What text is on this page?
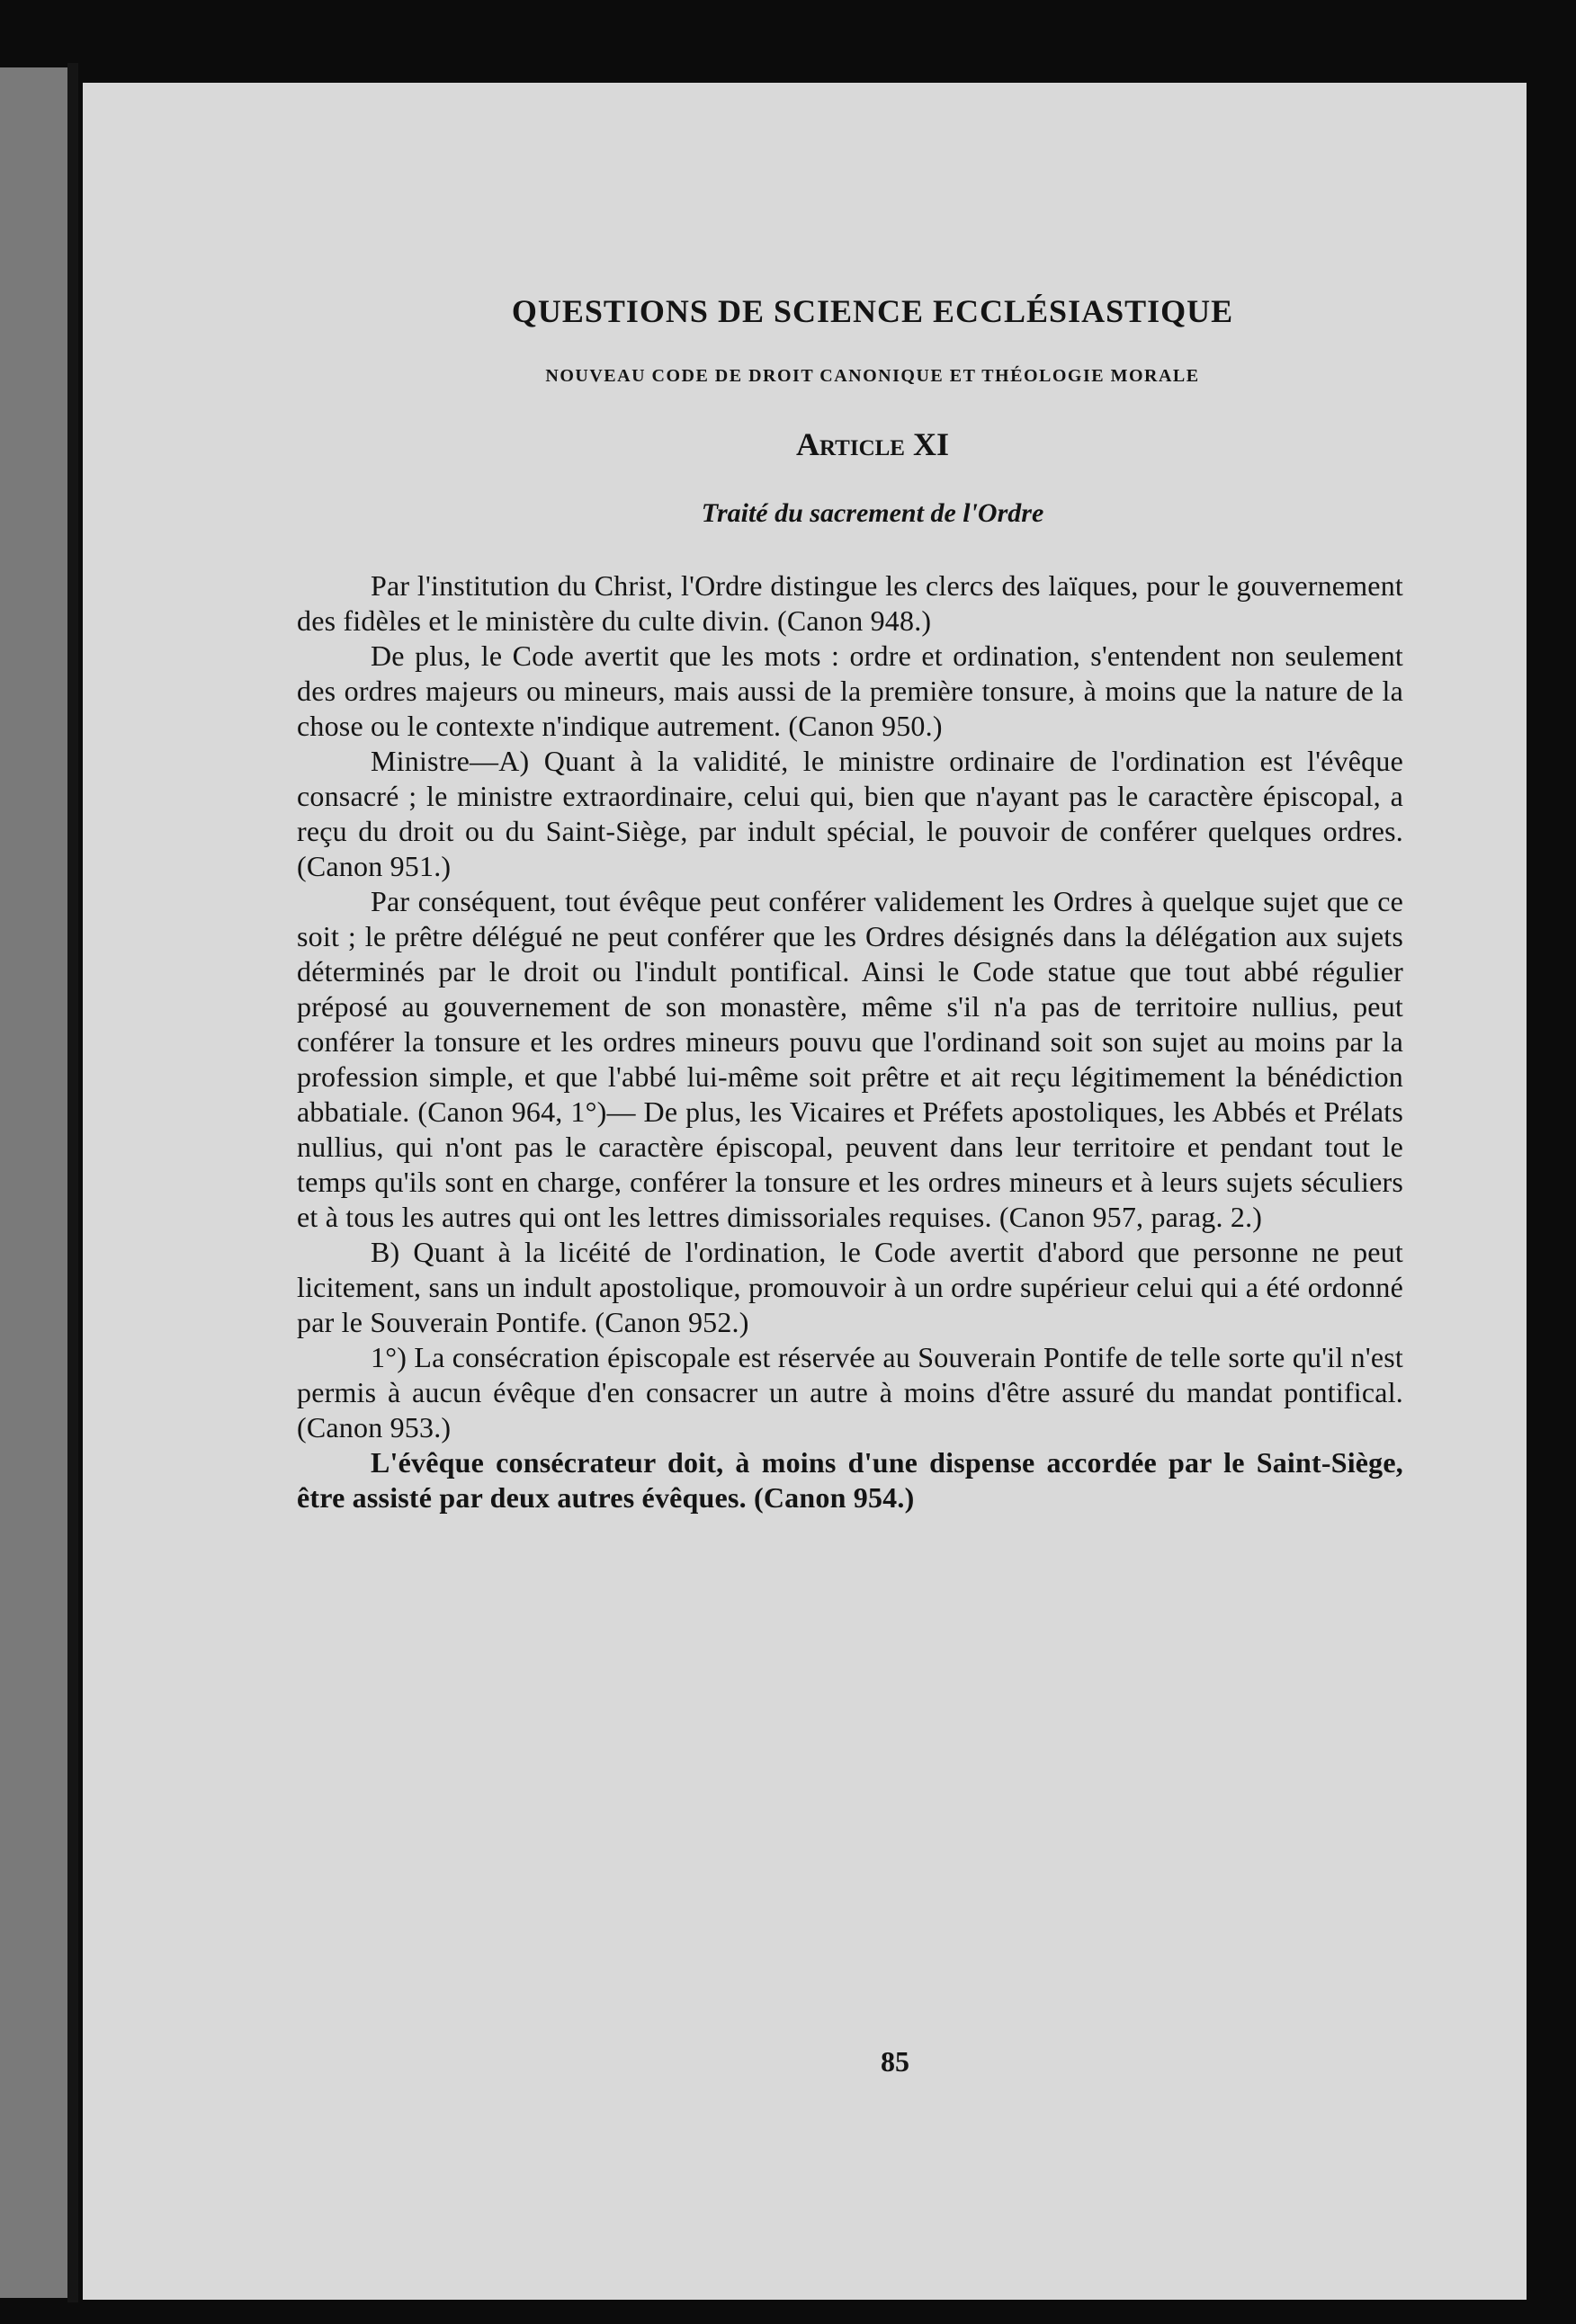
QUESTIONS DE SCIENCE ECCLÉSIASTIQUE
NOUVEAU CODE DE DROIT CANONIQUE ET THÉOLOGIE MORALE
Article XI

Traité du sacrement de l'Ordre

Par l'institution du Christ, l'Ordre distingue les clercs des laïques, pour le gouvernement des fidèles et le ministère du culte divin. (Canon 948.)

De plus, le Code avertit que les mots : ordre et ordination, s'entendent non seulement des ordres majeurs ou mineurs, mais aussi de la première tonsure, à moins que la nature de la chose ou le contexte n'indique autrement. (Canon 950.)

Ministre—A) Quant à la validité, le ministre ordinaire de l'ordination est l'évêque consacré ; le ministre extraordinaire, celui qui, bien que n'ayant pas le caractère épiscopal, a reçu du droit ou du Saint-Siège, par indult spécial, le pouvoir de conférer quelques ordres. (Canon 951.)

Par conséquent, tout évêque peut conférer validement les Ordres à quelque sujet que ce soit ; le prêtre délégué ne peut conférer que les Ordres désignés dans la délégation aux sujets déterminés par le droit ou l'indult pontifical. Ainsi le Code statue que tout abbé régulier préposé au gouvernement de son monastère, même s'il n'a pas de territoire nullius, peut conférer la tonsure et les ordres mineurs pouvu que l'ordinand soit son sujet au moins par la profession simple, et que l'abbé lui-même soit prêtre et ait reçu légitimement la bénédiction abbatiale. (Canon 964, 1°)— De plus, les Vicaires et Préfets apostoliques, les Abbés et Prélats nullius, qui n'ont pas le caractère épiscopal, peuvent dans leur territoire et pendant tout le temps qu'ils sont en charge, conférer la tonsure et les ordres mineurs et à leurs sujets séculiers et à tous les autres qui ont les lettres dimissoriales requises. (Canon 957, parag. 2.)

B) Quant à la licéité de l'ordination, le Code avertit d'abord que personne ne peut licitement, sans un indult apostolique, promouvoir à un ordre supérieur celui qui a été ordonné par le Souverain Pontife. (Canon 952.)

1°) La consécration épiscopale est réservée au Souverain Pontife de telle sorte qu'il n'est permis à aucun évêque d'en consacrer un autre à moins d'être assuré du mandat pontifical. (Canon 953.)

L'évêque consécrateur doit, à moins d'une dispense accordée par le Saint-Siège, être assisté par deux autres évêques. (Canon 954.)

85
